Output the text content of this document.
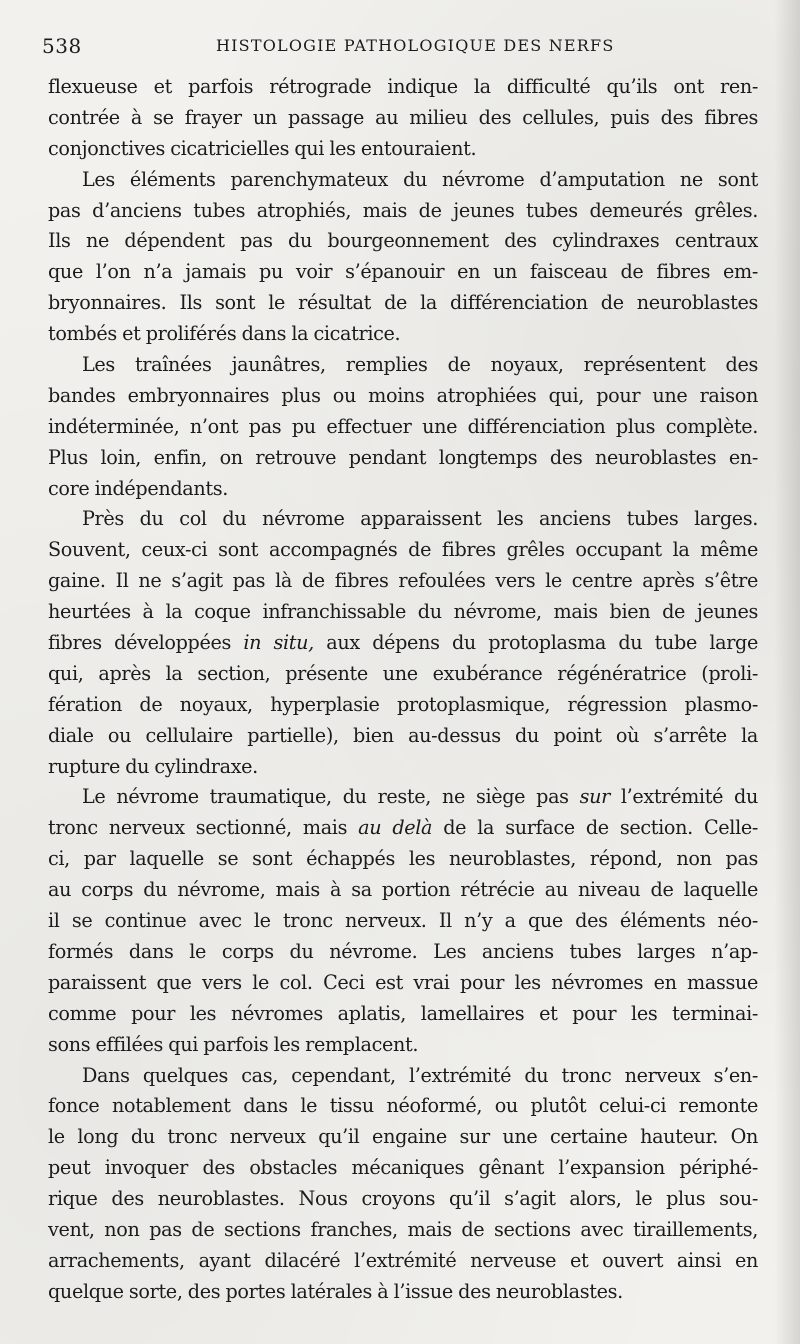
538	HISTOLOGIE PATHOLOGIQUE DES NERFS
flexueuse et parfois rétrograde indique la difficulté qu’ils ont ren-
contrée à se frayer un passage au milieu des cellules, puis des fibres
conjonctives cicatricielles qui les entouraient.
Les éléments parenchymateux du névrome d’amputation ne sont
pas d’anciens tubes atrophiés, mais de jeunes tubes demeurés grêles.
Ils ne dépendent pas du bourgeonnement des cylindraxes centraux
que l’on n’a jamais pu voir s’épanouir en un faisceau de fibres em-
bryonnaires. Ils sont le résultat de la différenciation de neuroblastes
tombés et proliférés dans la cicatrice.
Les traînées jaunâtres, remplies de noyaux, représentent des
bandes embryonnaires plus ou moins atrophiées qui, pour une raison
indéterminée, n’ont pas pu effectuer une différenciation plus complète.
Plus loin, enfin, on retrouve pendant longtemps des neuroblastes en-
core indépendants.
Près du col du névrome apparaissent les anciens tubes larges.
Souvent, ceux-ci sont accompagnés de fibres grêles occupant la même
gaine. Il ne s’agit pas là de fibres refoulées vers le centre après s’être
heurtées à la coque infranchissable du névrome, mais bien de jeunes
fibres développées in situ, aux dépens du protoplasma du tube large
qui, après la section, présente une exubérance régénératrice (proli-
fération de noyaux, hyperplasie protoplasmique, régression plasmo-
diale ou cellulaire partielle), bien au-dessus du point où s’arrête la
rupture du cylindraxe.
Le névrome traumatique, du reste, ne siège pas sur l’extrémité du
tronc nerveux sectionné, mais au delà de la surface de section. Celle-
ci, par laquelle se sont échappés les neuroblastes, répond, non pas
au corps du névrome, mais à sa portion rétrécie au niveau de laquelle
il se continue avec le tronc nerveux. Il n’y a que des éléments néo-
formés dans le corps du névrome. Les anciens tubes larges n’ap-
paraissent que vers le col. Ceci est vrai pour les névromes en massue
comme pour les névromes aplatis, lamellaires et pour les terminai-
sons effilées qui parfois les remplacent.
Dans quelques cas, cependant, l’extrémité du tronc nerveux s’en-
fonce notablement dans le tissu néoformé, ou plutôt celui-ci remonte
le long du tronc nerveux qu’il engaine sur une certaine hauteur. On
peut invoquer des obstacles mécaniques gênant l’expansion périphé-
rique des neuroblastes. Nous croyons qu’il s’agit alors, le plus sou-
vent, non pas de sections franches, mais de sections avec tiraillements,
arrachements, ayant dilacéré l’extrémité nerveuse et ouvert ainsi en
quelque sorte, des portes latérales à l’issue des neuroblastes.
